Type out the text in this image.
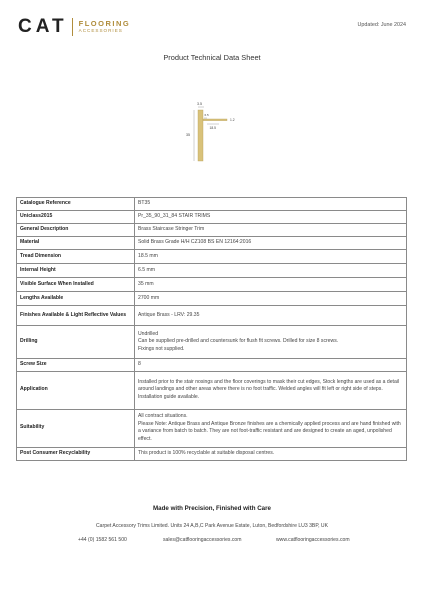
CAT FLOORING
ACCESSORIES
Updated: June 2024
Product Technical Data Sheet
3.5
6.5
1.2
18.5
35
Catalogue Reference	BT35

Uniclass2015	Pr_35_90_31_84 STAIR TRIMS

General Description	Brass Staircase Stringer Trim

Material	Solid Brass Grade H/H CZ108 BS EN 12164:2016

Tread Dimension	18.5 mm

Internal Height	6.5 mm

Visible Surface When Installed	35 mm

Lengths Available	2700 mm

Finishes Available & Light Reflective Values	Antique Brass - LRV: 29.35

Drilling	Undrilled
Can be supplied pre-drilled and countersunk for flush fit screws. Drilled for size 8 screws.
Fixings not supplied.

Screw Size	8

Application	Installed prior to the stair nosings and the floor coverings to mask their cut edges, Stock lengths are used as a detail around landings and other areas where there is no foot traffic. Welded angles will fit left or right side of steps. Installation guide available.

Suitability	All contract situations.
Please Note: Antique Brass and Antique Bronze finishes are a chemically applied process and are hand finished with a variance from batch to batch. They are not foot-traffic resistant and are designed to create an aged, unpolished effect.

Post Consumer Recyclability	This product is 100% recyclable at suitable disposal centres.
Made with Precision, Finished with Care
Carpet Accessory Trims Limited. Units 24 A,B,C Park Avenue Estate, Luton, Bedfordshire LU3 3BP, UK
+44 (0) 1582 561 500	sales@catflooringaccessories.com	www.catflooringaccessories.com
